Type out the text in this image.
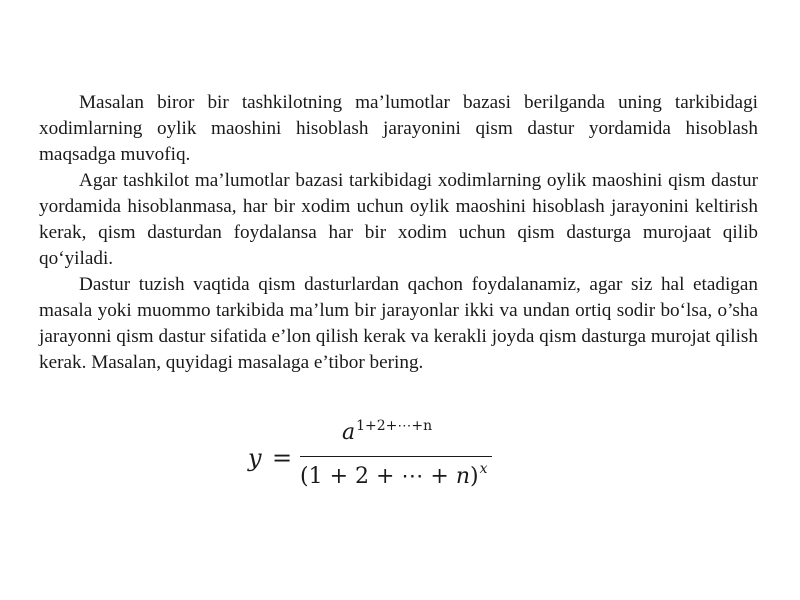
Masalan biror bir tashkilotning ma’lumotlar bazasi berilganda uning tarkibidagi xodimlarning oylik maoshini hisoblash jarayonini qism dastur yordamida hisoblash maqsadga muvofiq.

Agar tashkilot ma’lumotlar bazasi tarkibidagi xodimlarning oylik maoshini qism dastur yordamida hisoblanmasa, har bir xodim uchun oylik maoshini hisoblash jarayonini keltirish kerak, qism dasturdan foydalansa har bir xodim uchun qism dasturga murojaat qilib qo‘yiladi.

Dastur tuzish vaqtida qism dasturlardan qachon foydalanamiz, agar siz hal etadigan masala yoki muommo tarkibida ma’lum bir jarayonlar ikki va undan ortiq sodir bo‘lsa, o’sha jarayonni qism dastur sifatida e’lon qilish kerak va kerakli joyda qism dasturga murojat qilish kerak. Masalan, quyidagi masalaga e’tibor bering.

y =
$a^{1+2+\cdots+n}$
(1 + 2 + ⋯ + n)$^x$
